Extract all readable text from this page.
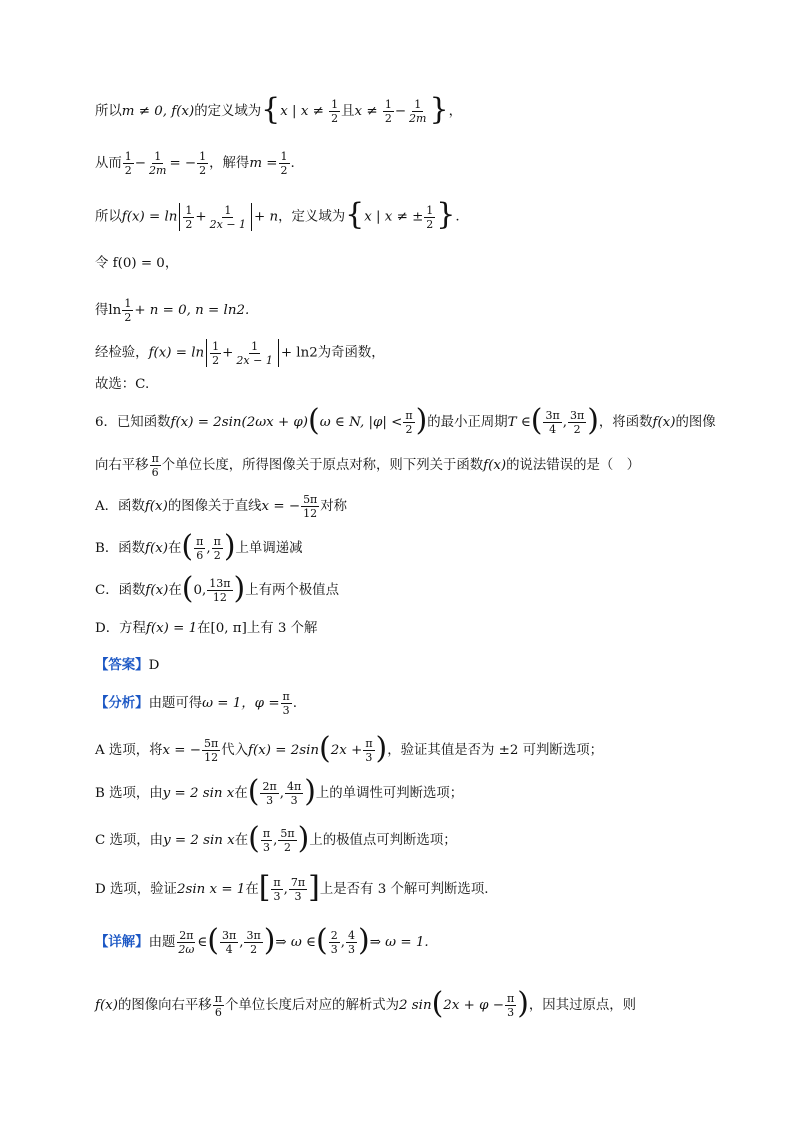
所以m ≠ 0, f(x)的定义域为{x | $x \ne \frac{1}{2}$ 且$x \ne \frac{1}{2} - \frac{1}{2m}$ }，
从而 $\frac{1}{2} - \frac{1}{2m}$ = − $\frac{1}{2}$ ，解得$m = \frac{1}{2}$ .
所以$f(x) = \ln \frac{1}{2} + \frac{1}{2x - 1} + n$，定义域为{x | x ≠ ± $\frac{1}{2}$ }.
令 f(0) = 0，
得$\ln \frac{1}{2} + n = 0$, n = ln2.
经检验，$f(x) = \ln \frac{1}{2} + \frac{1}{2x - 1} + \ln 2$为奇函数，
故选：C.
6．已知函数f(x) = 2sin(2ωx + φ)(ω ∈ N, $|\varphi| < \frac{\pi}{2}$ )的最小正周期T ∈( $\frac{3\pi}{4}$ , $\frac{3\pi}{2}$ )，将函数f(x)的图像
向右平移 $\frac{\pi}{6}$ 个单位长度，所得图像关于原点对称，则下列关于函数f(x)的说法错误的是（　）
A．函数f(x)的图像关于直线x = − $\frac{5\pi}{12}$ 对称
B．函数f(x)在( $\frac{\pi}{6}$ , $\frac{\pi}{2}$ )上单调递减
C．函数f(x)在(0, $\frac{13\pi}{12}$ )上有两个极值点
D．方程f(x) = 1在[0, π]上有 3 个解
【答案】D
【分析】由题可得ω = 1，$\varphi = \frac{\pi}{3}$ .
A 选项，将x = − $\frac{5\pi}{12}$ 代入$f(x) = 2\sin(2x + \frac{\pi}{3}$ )，验证其值是否为 ±2 可判断选项；
B 选项，由y = 2 sin x在( $\frac{2\pi}{3}$ , $\frac{4\pi}{3}$ )上的单调性可判断选项；
C 选项，由y = 2 sin x在( $\frac{\pi}{3}$ , $\frac{5\pi}{2}$ )上的极值点可判断选项；
D 选项，验证2sin x = 1在[ $\frac{\pi}{3}$ , $\frac{7\pi}{3}$ ]上是否有 3 个解可判断选项.
【详解】由题 $\frac{2\pi}{2\omega}$ ∈( $\frac{3\pi}{4}$ , $\frac{3\pi}{2}$ )⇒ ω ∈( $\frac{2}{3}$ , $\frac{4}{3}$ )⇒ ω = 1.
f(x)的图像向右平移 $\frac{\pi}{6}$ 个单位长度后对应的解析式为2 $\sin(2x + \varphi - \frac{\pi}{3}$ )，因其过原点，则
